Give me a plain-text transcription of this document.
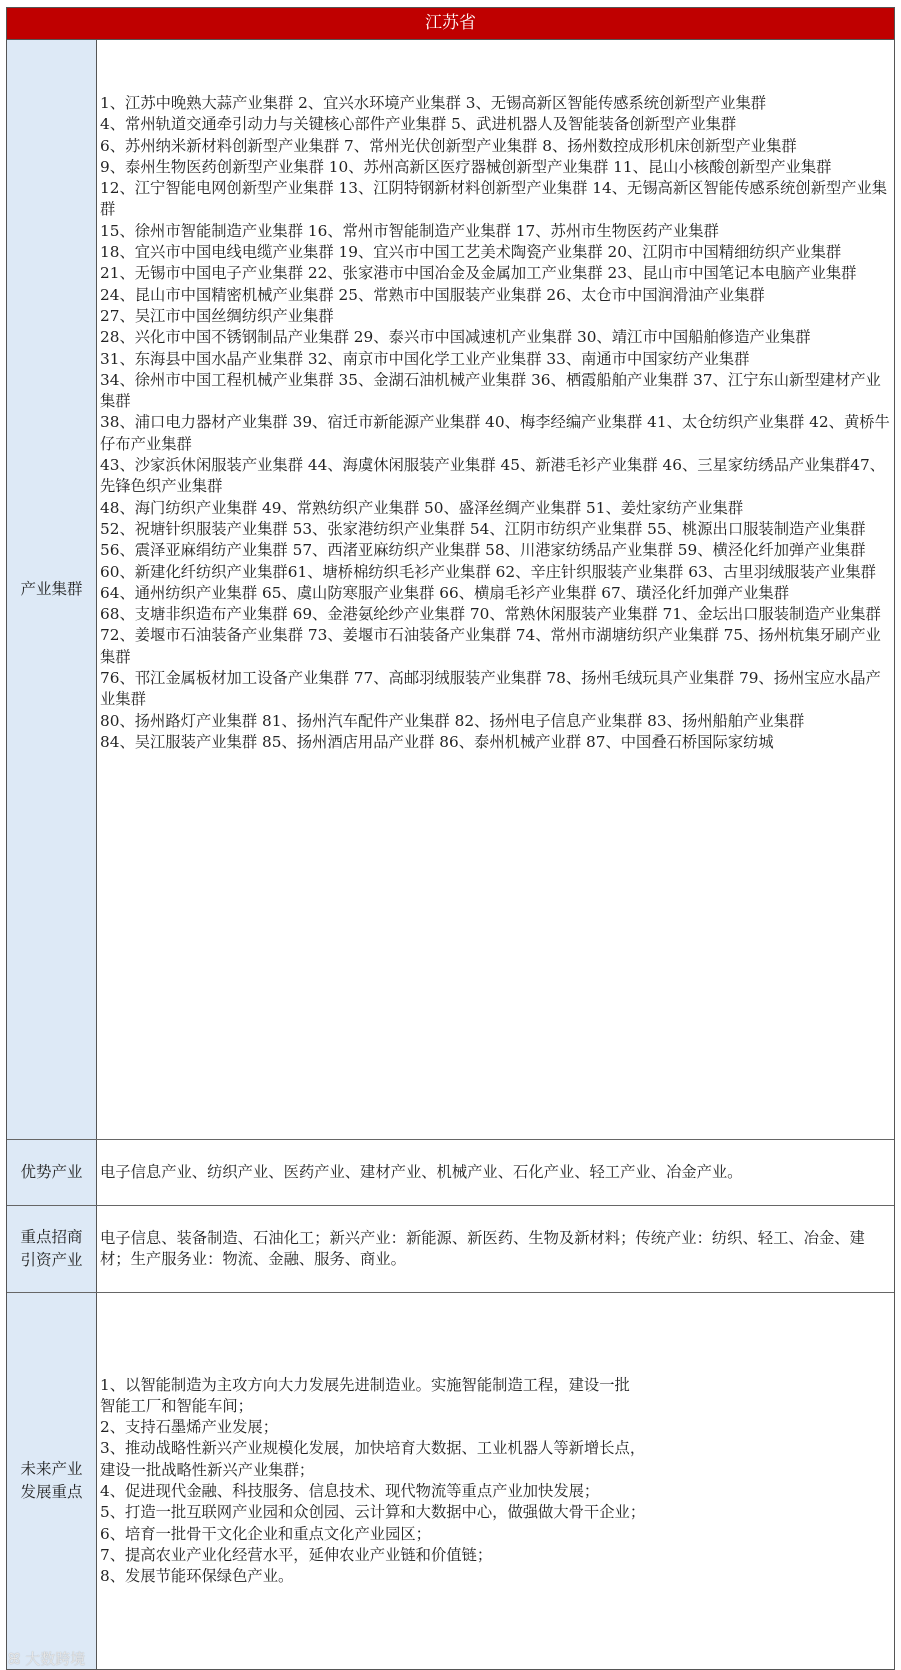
江苏省
产业集群
1、江苏中晚熟大蒜产业集群 2、宜兴水环境产业集群 3、无锡高新区智能传感系统创新型产业集群
4、常州轨道交通牵引动力与关键核心部件产业集群 5、武进机器人及智能装备创新型产业集群
6、苏州纳米新材料创新型产业集群 7、常州光伏创新型产业集群 8、扬州数控成形机床创新型产业集群
9、泰州生物医药创新型产业集群 10、苏州高新区医疗器械创新型产业集群 11、昆山小核酸创新型产业集群
12、江宁智能电网创新型产业集群 13、江阴特钢新材料创新型产业集群 14、无锡高新区智能传感系统创新型产业集群
15、徐州市智能制造产业集群 16、常州市智能制造产业集群 17、苏州市生物医药产业集群
18、宜兴市中国电线电缆产业集群 19、宜兴市中国工艺美术陶瓷产业集群 20、江阴市中国精细纺织产业集群
21、无锡市中国电子产业集群 22、张家港市中国冶金及金属加工产业集群 23、昆山市中国笔记本电脑产业集群
24、昆山市中国精密机械产业集群 25、常熟市中国服装产业集群 26、太仓市中国润滑油产业集群
27、吴江市中国丝绸纺织产业集群
28、兴化市中国不锈钢制品产业集群 29、泰兴市中国减速机产业集群 30、靖江市中国船舶修造产业集群
31、东海县中国水晶产业集群 32、南京市中国化学工业产业集群 33、南通市中国家纺产业集群
34、徐州市中国工程机械产业集群 35、金湖石油机械产业集群 36、栖霞船舶产业集群 37、江宁东山新型建材产业集群
38、浦口电力器材产业集群 39、宿迁市新能源产业集群 40、梅李经编产业集群 41、太仓纺织产业集群 42、黄桥牛仔布产业集群
43、沙家浜休闲服装产业集群 44、海虞休闲服装产业集群 45、新港毛衫产业集群 46、三星家纺绣品产业集群47、先锋色织产业集群
48、海门纺织产业集群 49、常熟纺织产业集群 50、盛泽丝绸产业集群 51、姜灶家纺产业集群
52、祝塘针织服装产业集群 53、张家港纺织产业集群 54、江阴市纺织产业集群 55、桃源出口服装制造产业集群
56、震泽亚麻绢纺产业集群 57、西渚亚麻纺织产业集群 58、川港家纺绣品产业集群 59、横泾化纤加弹产业集群
60、新建化纤纺织产业集群61、塘桥棉纺织毛衫产业集群 62、辛庄针织服装产业集群 63、古里羽绒服装产业集群
64、通州纺织产业集群 65、虞山防寒服产业集群 66、横扇毛衫产业集群 67、璜泾化纤加弹产业集群
68、支塘非织造布产业集群 69、金港氨纶纱产业集群 70、常熟休闲服装产业集群 71、金坛出口服装制造产业集群
72、姜堰市石油装备产业集群 73、姜堰市石油装备产业集群 74、常州市湖塘纺织产业集群 75、扬州杭集牙刷产业集群
76、邗江金属板材加工设备产业集群 77、高邮羽绒服装产业集群 78、扬州毛绒玩具产业集群 79、扬州宝应水晶产业集群
80、扬州路灯产业集群 81、扬州汽车配件产业集群 82、扬州电子信息产业集群 83、扬州船舶产业集群
84、吴江服装产业集群 85、扬州酒店用品产业群 86、泰州机械产业群 87、中国叠石桥国际家纺城
优势产业	电子信息产业、纺织产业、医药产业、建材产业、机械产业、石化产业、轻工产业、冶金产业。
重点招商
引资产业
电子信息、装备制造、石油化工；新兴产业：新能源、新医药、生物及新材料；传统产业：纺织、轻工、冶金、建材；生产服务业：物流、金融、服务、商业。
未来产业
发展重点
1、以智能制造为主攻方向大力发展先进制造业。实施智能制造工程，建设一批
智能工厂和智能车间；
2、支持石墨烯产业发展；
3、推动战略性新兴产业规模化发展，加快培育大数据、工业机器人等新增长点，
建设一批战略性新兴产业集群；
4、促进现代金融、科技服务、信息技术、现代物流等重点产业加快发展；
5、打造一批互联网产业园和众创园、云计算和大数据中心，做强做大骨干企业；
6、培育一批骨干文化企业和重点文化产业园区；
7、提高农业产业化经营水平，延伸农业产业链和价值链；
8、发展节能环保绿色产业。
ꕤ 大数跨境
